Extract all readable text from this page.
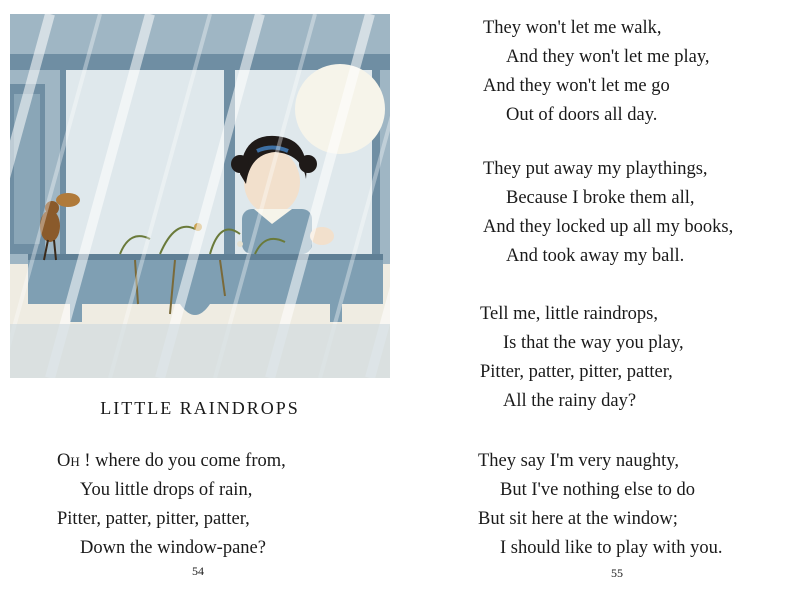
LITTLE RAINDROPS
Oh ! where do you come from,
You little drops of rain,
Pitter, patter, pitter, patter,
Down the window-pane?
54
They won't let me walk,
And they won't let me play,
And they won't let me go
Out of doors all day.
They put away my playthings,
Because I broke them all,
And they locked up all my books,
And took away my ball.
Tell me, little raindrops,
Is that the way you play,
Pitter, patter, pitter, patter,
All the rainy day?
They say I'm very naughty,
But I've nothing else to do
But sit here at the window;
I should like to play with you.
55
